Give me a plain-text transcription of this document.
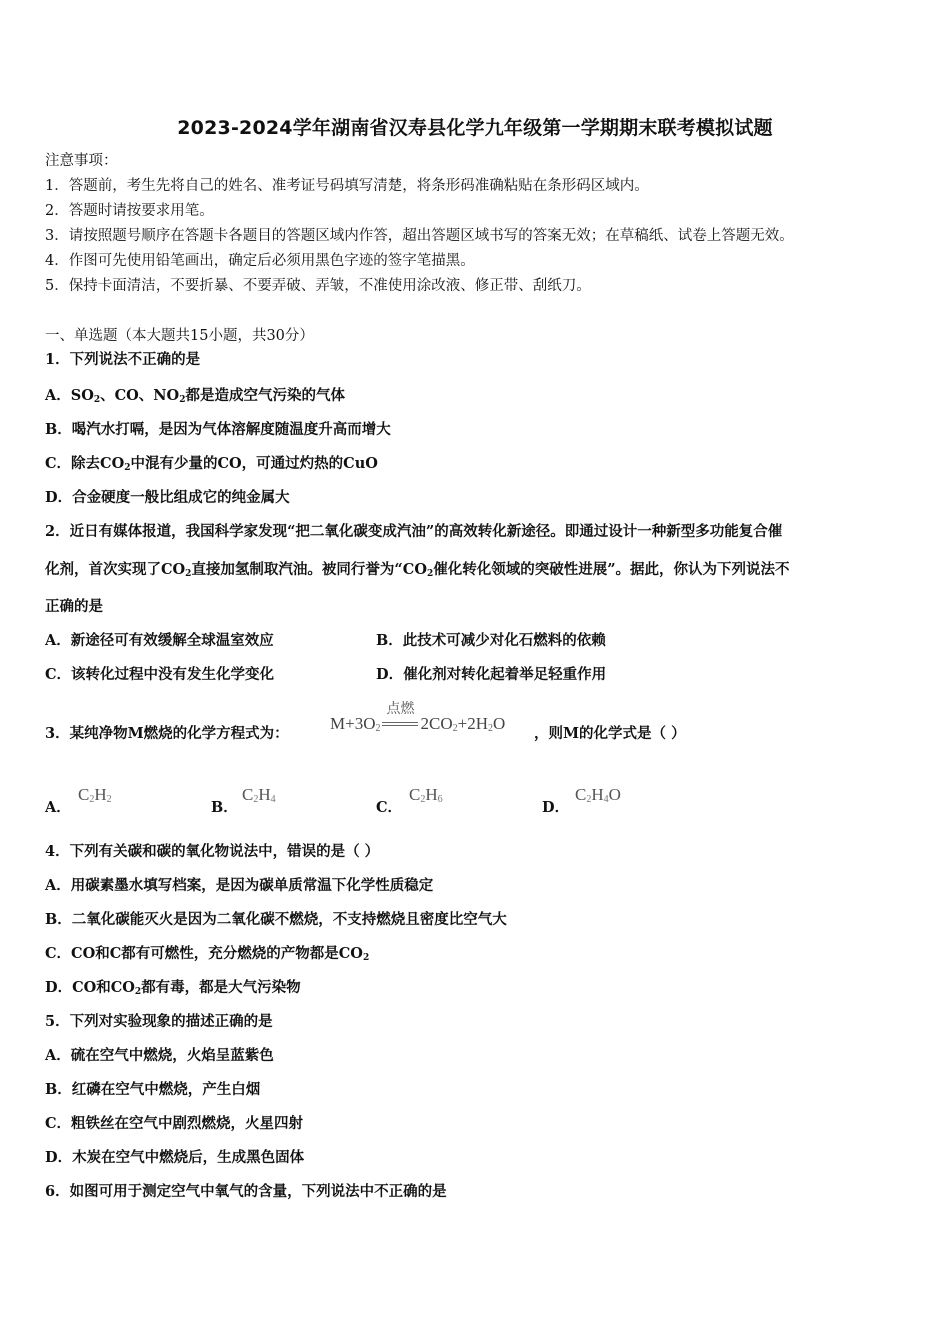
2023-2024学年湖南省汉寿县化学九年级第一学期期末联考模拟试题
注意事项：
1．答题前，考生先将自己的姓名、准考证号码填写清楚，将条形码准确粘贴在条形码区域内。
2．答题时请按要求用笔。
3．请按照题号顺序在答题卡各题目的答题区域内作答，超出答题区域书写的答案无效；在草稿纸、试卷上答题无效。
4．作图可先使用铅笔画出，确定后必须用黑色字迹的签字笔描黑。
5．保持卡面清洁，不要折暴、不要弄破、弄皱，不准使用涂改液、修正带、刮纸刀。
一、单选题（本大题共15小题，共30分）
1．下列说法不正确的是
A．$SO_2$、CO、$NO_2$都是造成空气污染的气体
B．喝汽水打嗝，是因为气体溶解度随温度升高而增大
C．除去$CO_2$中混有少量的CO，可通过灼热的CuO
D．合金硬度一般比组成它的纯金属大
2．近日有媒体报道，我国科学家发现“把二氧化碳变成汽油”的高效转化新途径。即通过设计一种新型多功能复合催
化剂，首次实现了$CO_2$直接加氢制取汽油。被同行誉为“$CO_2$催化转化领域的突破性进展”。据此，你认为下列说法不
正确的是
A．新途径可有效缓解全球温室效应	B．此技术可减少对化石燃料的依赖
C．该转化过程中没有发生化学变化	D．催化剂对转化起着举足轻重作用
3．某纯净物M燃烧的化学方程式为：
$M+3O_2$
点燃
$2CO_2+2H_2O$
，则M的化学式是（ ）
A．
$C_2H_2$	B．
$C_2H_4$	C．
$C_2H_6$	D．
$C_2H_4O$
4．下列有关碳和碳的氧化物说法中，错误的是（ ）
A．用碳素墨水填写档案，是因为碳单质常温下化学性质稳定
B．二氧化碳能灭火是因为二氧化碳不燃烧，不支持燃烧且密度比空气大
C．CO和C都有可燃性，充分燃烧的产物都是$CO_2$
D．CO和$CO_2$都有毒，都是大气污染物
5．下列对实验现象的描述正确的是
A．硫在空气中燃烧，火焰呈蓝紫色
B．红磷在空气中燃烧，产生白烟
C．粗铁丝在空气中剧烈燃烧，火星四射
D．木炭在空气中燃烧后，生成黑色固体
6．如图可用于测定空气中氧气的含量，下列说法中不正确的是
